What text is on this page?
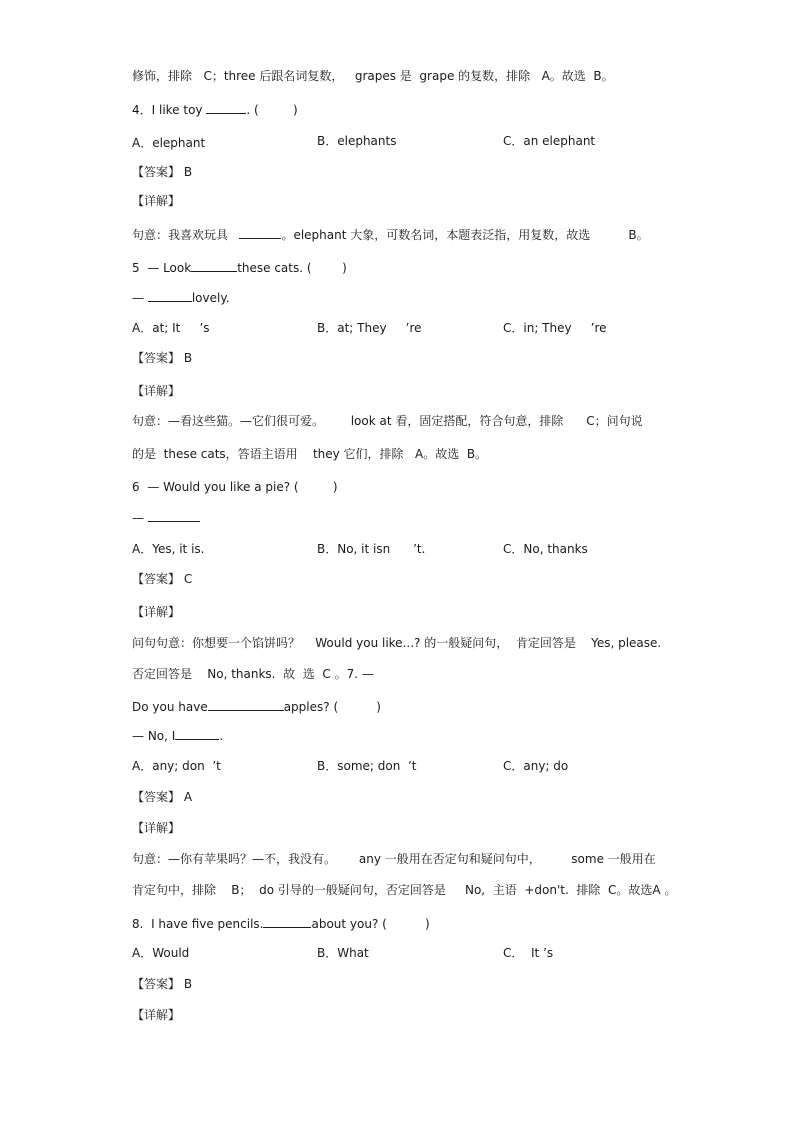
修饰，排除   C；three 后跟名词复数，   grapes 是  grape 的复数，排除   A。故选  B。
4．I like toy	. (         )
A．elephant	B．elephants	C．an elephant
【答案】 B
【详解】
句意：我喜欢玩具	。elephant 大象，可数名词，本题表泛指，用复数，故选          B。
5  — Look	these cats. (        )
—	lovely.
A．at; It     ’s	B．at; They     ’re	C．in; They     ’re
【答案】 B
【详解】
句意：—看这些猫。—它们很可爱。       look at 看，固定搭配，符合句意，排除      C；问句说
的是  these cats，答语主语用    they 它们，排除   A。故选  B。
6  — Would you like a pie? (         )
—
A．Yes, it is.	B．No, it isn      ’t.	C．No, thanks
【答案】 C
【详解】
问句句意：你想要一个馅饼吗？    Would you like...? 的一般疑问句，  肯定回答是    Yes, please.
否定回答是    No, thanks.  故  选  C 。7. —
Do you have	apples? (          )
— No, I	.
A．any; don  ’t	B．some; don  ’t	C．any; do
【答案】 A
【详解】
句意：—你有苹果吗？—不，我没有。      any 一般用在否定句和疑问句中，        some 一般用在
肯定句中，排除    B；  do 引导的一般疑问句，否定回答是     No,  主语  +don't.  排除  C。故选A 。
8.  I have five pencils.	about you? (          )
A．Would	B．What	C．  It ’s
【答案】 B
【详解】
